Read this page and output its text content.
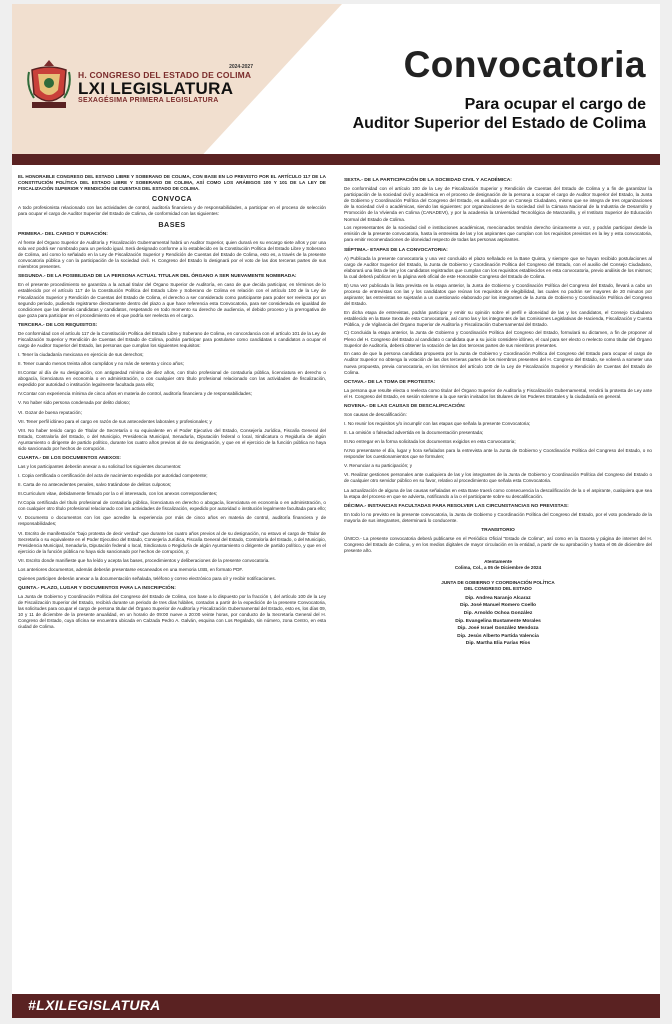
2024-2027
H. CONGRESO DEL ESTADO DE COLIMA
LXI LEGISLATURA
SEXAGÉSIMA PRIMERA LEGISLATURA
Convocatoria
Para ocupar el cargo de
Auditor Superior del Estado de Colima

EL HONORABLE CONGRESO DEL ESTADO LIBRE Y SOBERANO DE COLIMA, CON BASE EN LO PREVISTO POR EL ARTÍCULO 117 DE LA CONSTITUCIÓN POLÍTICA DEL ESTADO LIBRE Y SOBERANO DE COLIMA, ASÍ COMO LOS ARÁBIGOS 100 Y 101 DE LA LEY DE FISCALIZACIÓN SUPERIOR Y RENDICIÓN DE CUENTAS DEL ESTADO DE COLIMA.

CONVOCA

A todo profesionista relacionado con las actividades de control, auditoría financiera y de responsabilidades, a participar en el proceso de selección para ocupar el cargo de Auditor Superior del Estado de Colima, de conformidad con las siguientes:

BASES
PRIMERA.- DEL CARGO Y DURACIÓN:

Al frente del Órgano Superior de Auditoría y Fiscalización Gubernamental habrá un Auditor Superior, quien durará en su encargo siete años y por una sola vez podrá ser nombrado para un periodo igual. Será designado conforme a lo establecido en la Constitución Política del Estado Libre y Soberano de Colima, así como lo señalado en la Ley de Fiscalización Superior y Rendición de Cuentas del Estado de Colima, esto es, a través de la presente convocatoria pública y con la participación de la sociedad civil. H. Congreso del Estado lo designará por el voto de las dos terceras partes de sus miembros presentes.

SEGUNDA.- DE LA POSIBILIDAD DE LA PERSONA ACTUAL TITULAR DEL ÓRGANO A SER NUEVAMENTE NOMBRADA:

En el presente procedimiento se garantiza a la actual titular del Órgano Superior de Auditoría, en caso de que decida participar, en términos de lo establecido por el artículo 117 de la Constitución Política del Estado Libre y Soberano de Colima en relación con el artículo 100 de la Ley de Fiscalización Superior y Rendición de Cuentas del Estado de Colima, el derecho a ser considerado como participante para poder ser reelecta por un segundo periodo, pudiendo registrarse directamente dentro del plazo a que hace referencia esta Convocatoria, para ser considerada en igualdad de condiciones que las demás candidatas y candidatos, respetando en todo momento su derecho de audiencia, el debido proceso y la prerrogativa de que goza para participar en el procedimiento en el que podría ser reelecta en el cargo.

TERCERA.- DE LOS REQUISITOS:

De conformidad con el artículo 117 de la Constitución Política del Estado Libre y Soberano de Colima, en concordancia con el artículo 101 de la Ley de Fiscalización Superior y Rendición de Cuentas del Estado de Colima, podrán participar para postularse como candidatas o candidatos a ocupar el cargo de Auditor Superior del Estado, las personas que cumplan los siguientes requisitos:

I. Tener la ciudadanía mexicana en ejercicio de sus derechos;

II. Tener cuando menos treinta años cumplidos y no más de setenta y cinco años;

III.Contar al día de su designación, con antigüedad mínima de diez años, con título profesional de contaduría pública, licenciatura en derecho o abogacía, licenciatura en economía o en administración, o con cualquier otro título profesional relacionado con las actividades de fiscalización, expedido por autoridad o institución legalmente facultada para ello;

IV.Contar con experiencia mínima de cinco años en materia de control, auditoría financiera y de responsabilidades;

V. No haber sido persona condenada por delito doloso;

VI. Gozar de buena reputación;

VII. Tener perfil idóneo para el cargo en razón de sus antecedentes laborales y profesionales; y

VIII. No haber tenido cargo de Titular de Secretaría o su equivalente en el Poder Ejecutivo del Estado, Consejería Jurídica, Fiscalía General del Estado, Contraloría del Estado, o del Municipio, Presidencia Municipal, Senaduría, Diputación federal o local, Sindicatura o Regiduría de algún Ayuntamiento o dirigente de partido político, durante los cuatro años previos al de su designación, y que en el ejercicio de la función pública no haya sido sancionado por hechos de corrupción.

CUARTA.- DE LOS DOCUMENTOS ANEXOS:

Las y los participantes deberán anexar a su solicitud los siguientes documentos:

I. Copia certificada o certificación del acta de nacimiento expedida por autoridad competente;

II. Carta de no antecedentes penales, salvo tratándose de delitos culposos;

III.Curriculum vitae, debidamente firmado por la o el interesado, con los anexos correspondientes;

IV.Copia certificada del título profesional de contaduría pública, licenciatura en derecho o abogacía, licenciatura en economía o en administración, o con cualquier otro título profesional relacionado con las actividades de fiscalización, expedido por autoridad o institución legalmente facultada para ello;

V. Documento o documentos con los que acredite la experiencia por más de cinco años en materia de control, auditoría financiera y de responsabilidades;

VI. Escrito de manifestación "bajo protesta de decir verdad" que durante los cuatro años previos al de su designación, no estuvo el cargo de Titular de Secretaría o su equivalente en el Poder Ejecutivo del Estado, Consejería Jurídica, Fiscalía General del Estado, Contraloría del Estado, o del Municipio, Presidencia Municipal, Senaduría, Diputación federal o local, Sindicatura o Regiduría de algún Ayuntamiento o dirigente de partido político, y que en el ejercicio de la función pública no haya sido sancionado por hechos de corrupción, y;

VII. Escrito donde manifieste que ha leído y acepta las bases, procedimientos y deliberaciones de la presente convocatoria.

Los anteriores documentos, además deberán presentarse escaneados en una memoria USB, en formato PDF.

Quienes participen deberán anexar a la documentación señalada, teléfono y correo electrónico para oír y recibir notificaciones.

QUINTA.- PLAZO, LUGAR Y DOCUMENTOS PARA LA INSCRIPCIÓN:

La Junta de Gobierno y Coordinación Política del Congreso del Estado de Colima, con base a lo dispuesto por la fracción I, del artículo 100 de la Ley de Fiscalización Superior del Estado, recibirá durante un periodo de tres días hábiles, contados a partir de la expedición de la presente Convocatoria, las solicitudes para ocupar el cargo de persona titular del Órgano Superior de Auditoría y Fiscalización Gubernamental del Estado, esto es, los días 09, 10 y 11 de diciembre de la presente anualidad, en un horario de 09:00 nueve a 20:00 veinte horas, por conducto de la Secretaría General del H. Congreso del Estado, cuya oficina se encuentra ubicada en Calzada Pedro A. Galván, esquina con Los Regalado, sin número, zona Centro, en esta ciudad de Colima.

SEXTA.- DE LA PARTICIPACIÓN DE LA SOCIEDAD CIVIL Y ACADÉMICA:

De conformidad con el artículo 100 de la Ley de Fiscalización Superior y Rendición de Cuentas del Estado de Colima y a fin de garantizar la participación de la sociedad civil y académica en el proceso de designación de la persona a ocupar el cargo de Auditor Superior del Estado, la Junta de Gobierno y Coordinación Política del Congreso del Estado, es auxiliada por un Consejo Ciudadano, mismo que se integra de tres organizaciones de la sociedad civil o académicas, siendo las siguientes: por organizaciones de la sociedad civil la Cámara Nacional de la Industria de Desarrollo y Promoción de la Vivienda en Colima (CANADEVI), y por la academia la Universidad Tecnológica de Manzanillo, y el Instituto Superior de Educación Normal del Estado de Colima.

Los representantes de la sociedad civil e instituciones académicas, mencionados tendrán derecho únicamente a voz, y podrán participar desde la emisión de la presente convocatoria, hasta la entrevista de las y los aspirantes que cumplan con los requisitos previstos en la ley y esta convocatoria, para emitir recomendaciones de idoneidad respecto de todas las personas aspirantes.

SÉPTIMA.- ETAPAS DE LA CONVOCATORIA:

A) Publicada la presente convocatoria y una vez concluido el plazo señalado en la Base Quinta, y siempre que se hayan recibido postulaciones al cargo de Auditor Superior del Estado, la Junta de Gobierno y Coordinación Política del Congreso del Estado, con el auxilio del Consejo Ciudadano, elaborará una lista de las y los candidatos registrados que cumplan con los requisitos establecidos en esta convocatoria, previo análisis de los mismos; la cual deberá publicar en la página web oficial de este Honorable Congreso del Estado de Colima.

B) Una vez publicada la lista prevista en la etapa anterior, la Junta de Gobierno y Coordinación Política del Congreso del Estado, llevará a cabo un proceso de entrevistas con las y los candidatos que reúnan los requisitos de elegibilidad, las cuales no podrán ser mayores de 20 minutos por aspirante; las entrevistas se sujetarán a un cuestionario elaborado por los integrantes de la Junta de Gobierno y Coordinación Política del Congreso del Estado.

En dicha etapa de entrevistas, podrán participar y emitir su opinión sobre el perfil e idoneidad de las y los candidatos, el Consejo Ciudadano establecido en la Base Sexta de esta Convocatoria, así como las y los integrantes de las Comisiones Legislativas de Hacienda, Fiscalización y Cuenta Pública, y de Vigilancia del Órgano Superior de Auditoría y Fiscalización Gubernamental del Estado.

C) Concluida la etapa anterior, la Junta de Gobierno y Coordinación Política del Congreso del Estado, formulará su dictamen, a fin de proponer al Pleno del H. Congreso del Estado al candidato o candidata que a su juicio considere idóneo, el cual para ser electo o reelecto como titular del Órgano Superior de Auditoría, deberá obtener la votación de las dos terceras partes de sus miembros presentes.

En caso de que la persona candidata propuesta por la Junta de Gobierno y Coordinación Política del Congreso del Estado para ocupar el cargo de Auditor Superior no obtenga la votación de las dos terceras partes de los miembros presentes del H. Congreso del Estado, se volverá a someter una nueva propuesta, previa convocatoria, en los términos del artículo 100 de la Ley de Fiscalización Superior y Rendición de Cuentas del Estado de Colima.

OCTAVA.- DE LA TOMA DE PROTESTA:

La persona que resulte electa o reelecta como titular del Órgano Superior de Auditoría y Fiscalización Gubernamental, rendirá la protesta de Ley ante el H. Congreso del Estado, en sesión solemne a la que serán invitados los titulares de los Poderes Estatales y la ciudadanía en general.

NOVENA.- DE LAS CAUSAS DE DESCALIFICACIÓN:

Son causas de descalificación:

I. No reunir los requisitos y/o incumplir con las etapas que señala la presente Convocatoria;

II. La omisión o falsedad advertida en la documentación presentada;

III.No entregar en la forma solicitada los documentos exigidos en esta Convocatoria;

IV.No presentarse el día, lugar y hora señalados para la entrevista ante la Junta de Gobierno y Coordinación Política del Congreso del Estado, o no responder los cuestionamientos que se formulen;

V. Renunciar a su participación; y

VI. Realizar gestiones personales ante cualquiera de las y los integrantes de la Junta de Gobierno y Coordinación Política del Congreso del Estado o de cualquier otro servidor público en su favor, relativo al procedimiento que señala esta Convocatoria.

La actualización de alguna de las causas señaladas en esta Base traerá como consecuencia la descalificación de la o el aspirante, cualquiera que sea la etapa del proceso en que se advierta, notificando a la o el participante sobre su descalificación.

DÉCIMA.- INSTANCIAS FACULTADAS PARA RESOLVER LAS CIRCUNSTANCIAS NO PREVISTAS:

En todo lo no previsto en la presente convocatoria, la Junta de Gobierno y Coordinación Política del Congreso del Estado, por el voto ponderado de la mayoría de sus integrantes, determinará lo conducente.

TRANSITORIO

ÚNICO.- La presente convocatoria deberá publicarse en el Periódico Oficial "Estado de Colima", así como en la Gaceta y página de internet del H. Congreso del Estado de Colima, y en los medios digitales de mayor circulación en la entidad, a partir de su aprobación y hasta el 06 de diciembre del presente año.

Atentamente
Colima, Col., a 05 de Diciembre de 2024
JUNTA DE GOBIERNO Y COORDINACIÓN POLÍTICA
DEL CONGRESO DEL ESTADO
Dip. Andrea Naranjo Alcaraz
Dip. José Manuel Romero Coello
Dip. Arnoldo Ochoa González
Dip. Evangelina Bustamente Morales
Dip. José Israel González Mendoza
Dip. Jesús Alberto Partida Valencia
Dip. Martha Elia Farías Ríos
#LXILEGISLATURA
